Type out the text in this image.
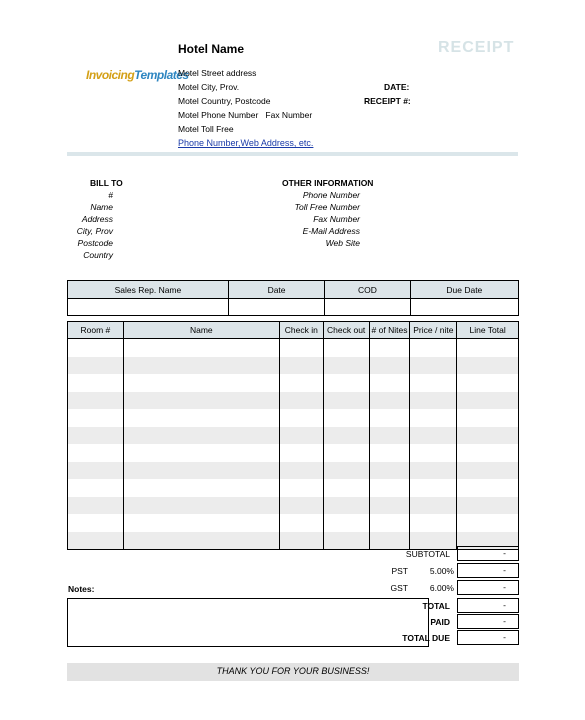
Hotel Name	RECEIPT
InvoicingTemplates
Motel Street address
Motel City, Prov.
Motel Country, Postcode
Motel Phone Number   Fax Number
Motel Toll Free
Phone Number,Web Address, etc.
DATE:
RECEIPT #:
BILL TO
#
Name
Address
City, Prov
Postcode
Country
OTHER INFORMATION
Phone Number
Toll Free Number
Fax Number
E-Mail Address
Web Site
Sales Rep. Name	Date	COD	Due Date

Room #	Name	Check in	Check out	# of Nites	Price / nite	Line Total

SUBTOTAL	-
PST	5.00%	-
GST	6.00%	-
TOTAL	-
PAID	-
TOTAL DUE	-
Notes:
THANK YOU FOR YOUR BUSINESS!
